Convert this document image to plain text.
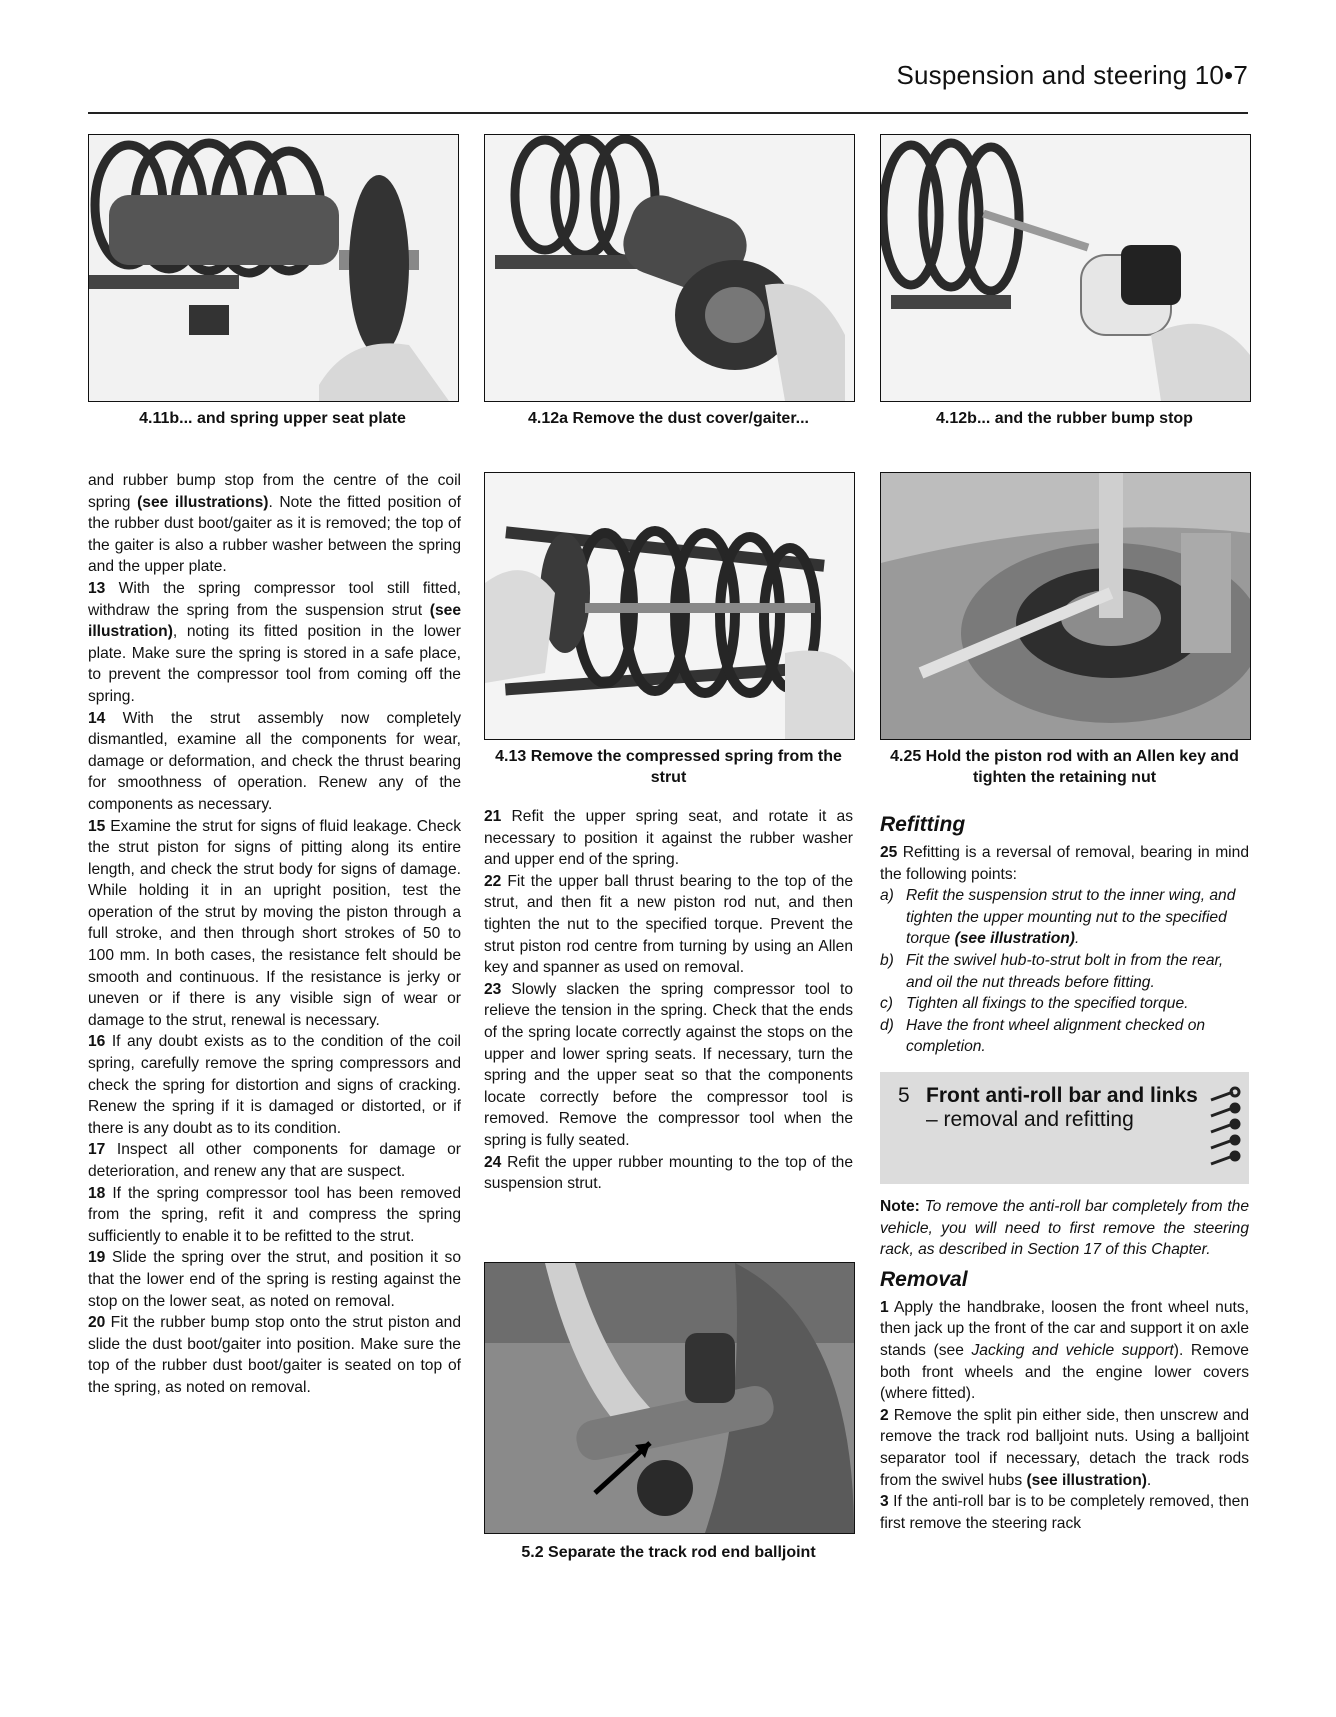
Suspension and steering 10•7
4.11b... and spring upper seat plate	4.12a Remove the dust cover/gaiter...	4.12b... and the rubber bump stop

and rubber bump stop from the centre of the coil spring (see illustrations). Note the fitted position of the rubber dust boot/gaiter as it is removed; the top of the gaiter is also a rubber washer between the spring and the upper plate.

13 With the spring compressor tool still fitted, withdraw the spring from the suspension strut (see illustration), noting its fitted position in the lower plate. Make sure the spring is stored in a safe place, to prevent the compressor tool from coming off the spring.

14 With the strut assembly now completely dismantled, examine all the components for wear, damage or deformation, and check the thrust bearing for smoothness of operation. Renew any of the components as necessary.

15 Examine the strut for signs of fluid leakage. Check the strut piston for signs of pitting along its entire length, and check the strut body for signs of damage. While holding it in an upright position, test the operation of the strut by moving the piston through a full stroke, and then through short strokes of 50 to 100 mm. In both cases, the resistance felt should be smooth and continuous. If the resistance is jerky or uneven or if there is any visible sign of wear or damage to the strut, renewal is necessary.

16 If any doubt exists as to the condition of the coil spring, carefully remove the spring compressors and check the spring for distortion and signs of cracking. Renew the spring if it is damaged or distorted, or if there is any doubt as to its condition.

17 Inspect all other components for damage or deterioration, and renew any that are suspect.

18 If the spring compressor tool has been removed from the spring, refit it and compress the spring sufficiently to enable it to be refitted to the strut.

19 Slide the spring over the strut, and position it so that the lower end of the spring is resting against the stop on the lower seat, as noted on removal.

20 Fit the rubber bump stop onto the strut piston and slide the dust boot/gaiter into position. Make sure the top of the rubber dust boot/gaiter is seated on top of the spring, as noted on removal.

4.13 Remove the compressed spring from the strut

21 Refit the upper spring seat, and rotate it as necessary to position it against the rubber washer and upper end of the spring.

22 Fit the upper ball thrust bearing to the top of the strut, and then fit a new piston rod nut, and then tighten the nut to the specified torque. Prevent the strut piston rod centre from turning by using an Allen key and spanner as used on removal.

23 Slowly slacken the spring compressor tool to relieve the tension in the spring. Check that the ends of the spring locate correctly against the stops on the upper and lower spring seats. If necessary, turn the spring and the upper seat so that the components locate correctly before the compressor tool is removed. Remove the compressor tool when the spring is fully seated.

24 Refit the upper rubber mounting to the top of the suspension strut.

5.2 Separate the track rod end balljoint
4.25 Hold the piston rod with an Allen key and tighten the retaining nut
Refitting

25 Refitting is a reversal of removal, bearing in mind the following points:

a) Refit the suspension strut to the inner wing, and tighten the upper mounting nut to the specified torque (see illustration).
b) Fit the swivel hub-to-strut bolt in from the rear, and oil the nut threads before fitting.
c) Tighten all fixings to the specified torque.
d) Have the front wheel alignment checked on completion.
5 Front anti-roll bar and links
– removal and refitting

Note: To remove the anti-roll bar completely from the vehicle, you will need to first remove the steering rack, as described in Section 17 of this Chapter.

Removal

1 Apply the handbrake, loosen the front wheel nuts, then jack up the front of the car and support it on axle stands (see Jacking and vehicle support). Remove both front wheels and the engine lower covers (where fitted).

2 Remove the split pin either side, then unscrew and remove the track rod balljoint nuts. Using a balljoint separator tool if necessary, detach the track rods from the swivel hubs (see illustration).

3 If the anti-roll bar is to be completely removed, then first remove the steering rack
